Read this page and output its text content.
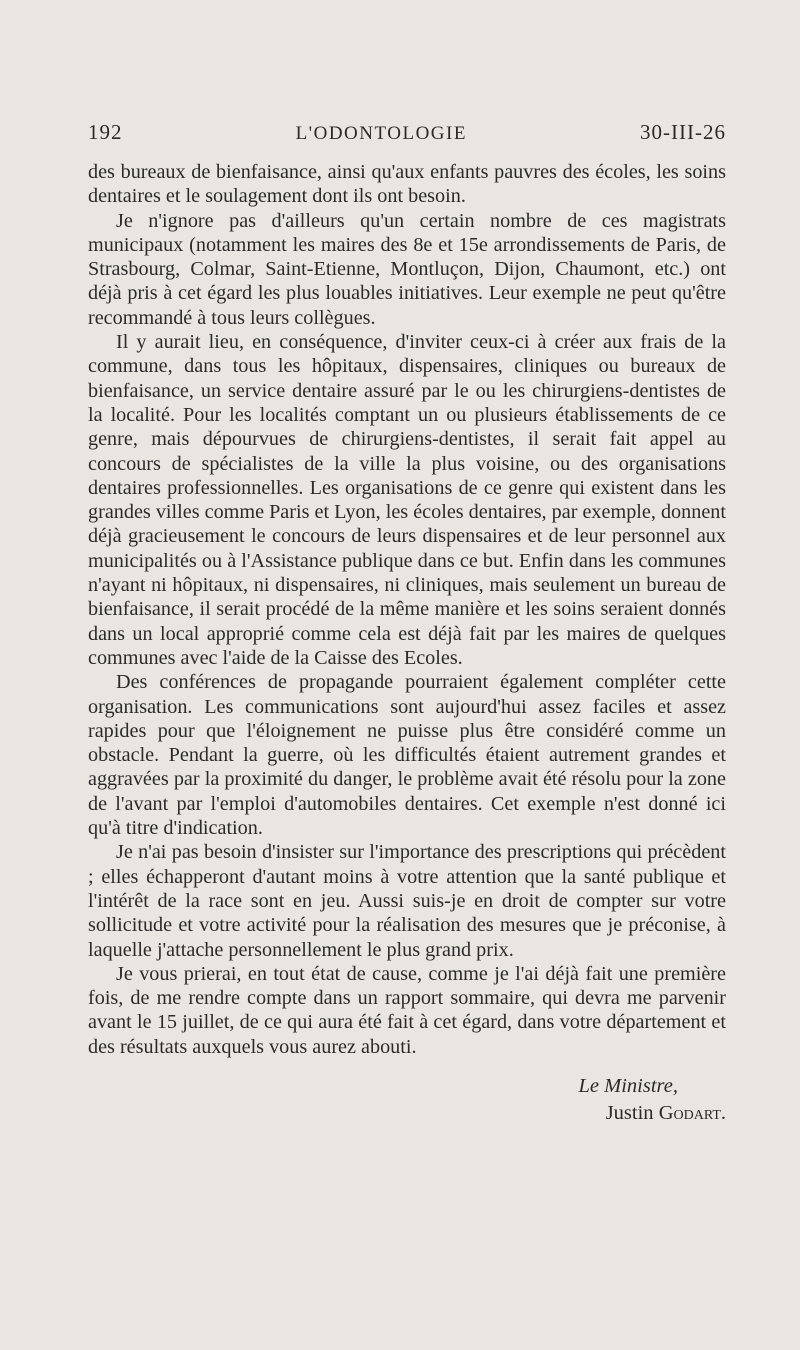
192	L'ODONTOLOGIE	30-III-26

des bureaux de bienfaisance, ainsi qu'aux enfants pauvres des écoles, les soins dentaires et le soulagement dont ils ont besoin.

Je n'ignore pas d'ailleurs qu'un certain nombre de ces magistrats municipaux (notamment les maires des 8e et 15e arrondissements de Paris, de Strasbourg, Colmar, Saint-Etienne, Montluçon, Dijon, Chaumont, etc.) ont déjà pris à cet égard les plus louables initiatives. Leur exemple ne peut qu'être recommandé à tous leurs collègues.

Il y aurait lieu, en conséquence, d'inviter ceux-ci à créer aux frais de la commune, dans tous les hôpitaux, dispensaires, cliniques ou bureaux de bienfaisance, un service dentaire assuré par le ou les chirurgiens-dentistes de la localité. Pour les localités comptant un ou plusieurs établissements de ce genre, mais dépourvues de chirurgiens-dentistes, il serait fait appel au concours de spécialistes de la ville la plus voisine, ou des organisations dentaires professionnelles. Les organisations de ce genre qui existent dans les grandes villes comme Paris et Lyon, les écoles dentaires, par exemple, donnent déjà gracieusement le concours de leurs dispensaires et de leur personnel aux municipalités ou à l'Assistance publique dans ce but. Enfin dans les communes n'ayant ni hôpitaux, ni dispensaires, ni cliniques, mais seulement un bureau de bienfaisance, il serait procédé de la même manière et les soins seraient donnés dans un local approprié comme cela est déjà fait par les maires de quelques communes avec l'aide de la Caisse des Ecoles.

Des conférences de propagande pourraient également compléter cette organisation. Les communications sont aujourd'hui assez faciles et assez rapides pour que l'éloignement ne puisse plus être considéré comme un obstacle. Pendant la guerre, où les difficultés étaient autrement grandes et aggravées par la proximité du danger, le problème avait été résolu pour la zone de l'avant par l'emploi d'automobiles dentaires. Cet exemple n'est donné ici qu'à titre d'indication.

Je n'ai pas besoin d'insister sur l'importance des prescriptions qui précèdent ; elles échapperont d'autant moins à votre attention que la santé publique et l'intérêt de la race sont en jeu. Aussi suis-je en droit de compter sur votre sollicitude et votre activité pour la réalisation des mesures que je préconise, à laquelle j'attache personnellement le plus grand prix.

Je vous prierai, en tout état de cause, comme je l'ai déjà fait une première fois, de me rendre compte dans un rapport sommaire, qui devra me parvenir avant le 15 juillet, de ce qui aura été fait à cet égard, dans votre département et des résultats auxquels vous aurez abouti.

Le Ministre,
Justin Godart.
